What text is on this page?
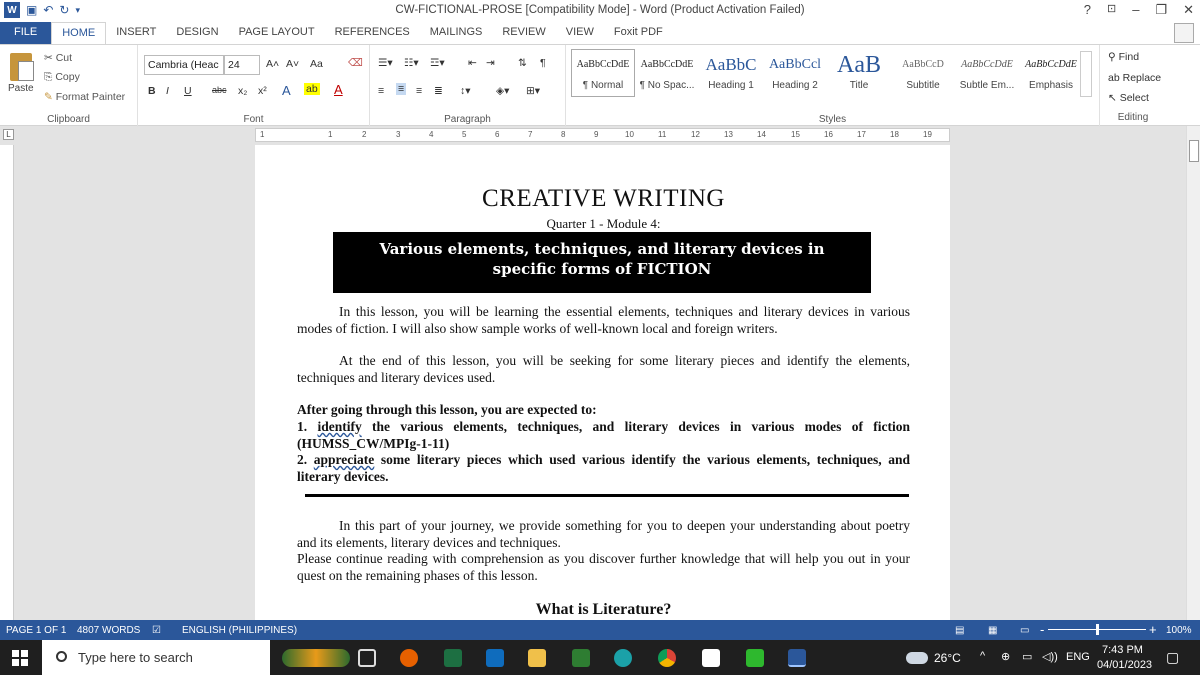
W ▣ ↶ ↻ ▾	CW-FICTIONAL-PROSE [Compatibility Mode] - Word (Product Activation Failed)	? ⊡ – ❐ ✕
FILE	HOME	INSERT	DESIGN	PAGE LAYOUT	REFERENCES	MAILINGS	REVIEW	VIEW	Foxit PDF
Paste
✂ Cut
⎘ Copy
✎ Format Painter
Clipboard
Cambria (Heac 24	A˄ A˅ Aa ⌫
B I U abc x₂ x² A ab A
Font
☰▾ ☷▾ ☲▾ ⇤ ⇥ ⇅ ¶
≡ ≡ ≡ ≣ ↕▾ ◈▾ ⊞▾
Paragraph	Styles
AaBbCcDdE
¶ Normal
AaBbCcDdE
¶ No Spac...
AaBbC
Heading 1
AaBbCcl
Heading 2
AaB
Title
AaBbCcD
Subtitle
AaBbCcDdE
Subtle Em...
AaBbCcDdE
Emphasis
⚲ Find
ab Replace
↖ Select
Editing
L	1	1	2	3	4	5	6	7	8	9	10	11	12	13	14	15	16	17	18	19
CREATIVE WRITING
Quarter 1 - Module 4:
Various elements, techniques, and literary devices in
specific forms of FICTION
In this lesson, you will be learning the essential elements, techniques and literary devices in various modes of fiction. I will also show sample works of well-known local and foreign writers.
At the end of this lesson, you will be seeking for some literary pieces and identify the elements, techniques and literary devices used.
After going through this lesson, you are expected to:
1. identify the various elements, techniques, and literary devices in various modes of fiction (HUMSS_CW/MPIg-1-11)
2. appreciate some literary pieces which used various identify the various elements, techniques, and literary devices.
In this part of your journey, we provide something for you to deepen your understanding about poetry and its elements, literary devices and techniques.
Please continue reading with comprehension as you discover further knowledge that will help you out in your quest on the remaining phases of this lesson.
What is Literature?
PAGE 1 OF 1 4807 WORDS ☑ ENGLISH (PHILIPPINES)	▤ ▦ ▭ -	+ 100%
Type here to search	26°C ^ ⊕ ▭ ◁)) ENG
7:43 PM
04/01/2023 ▢
